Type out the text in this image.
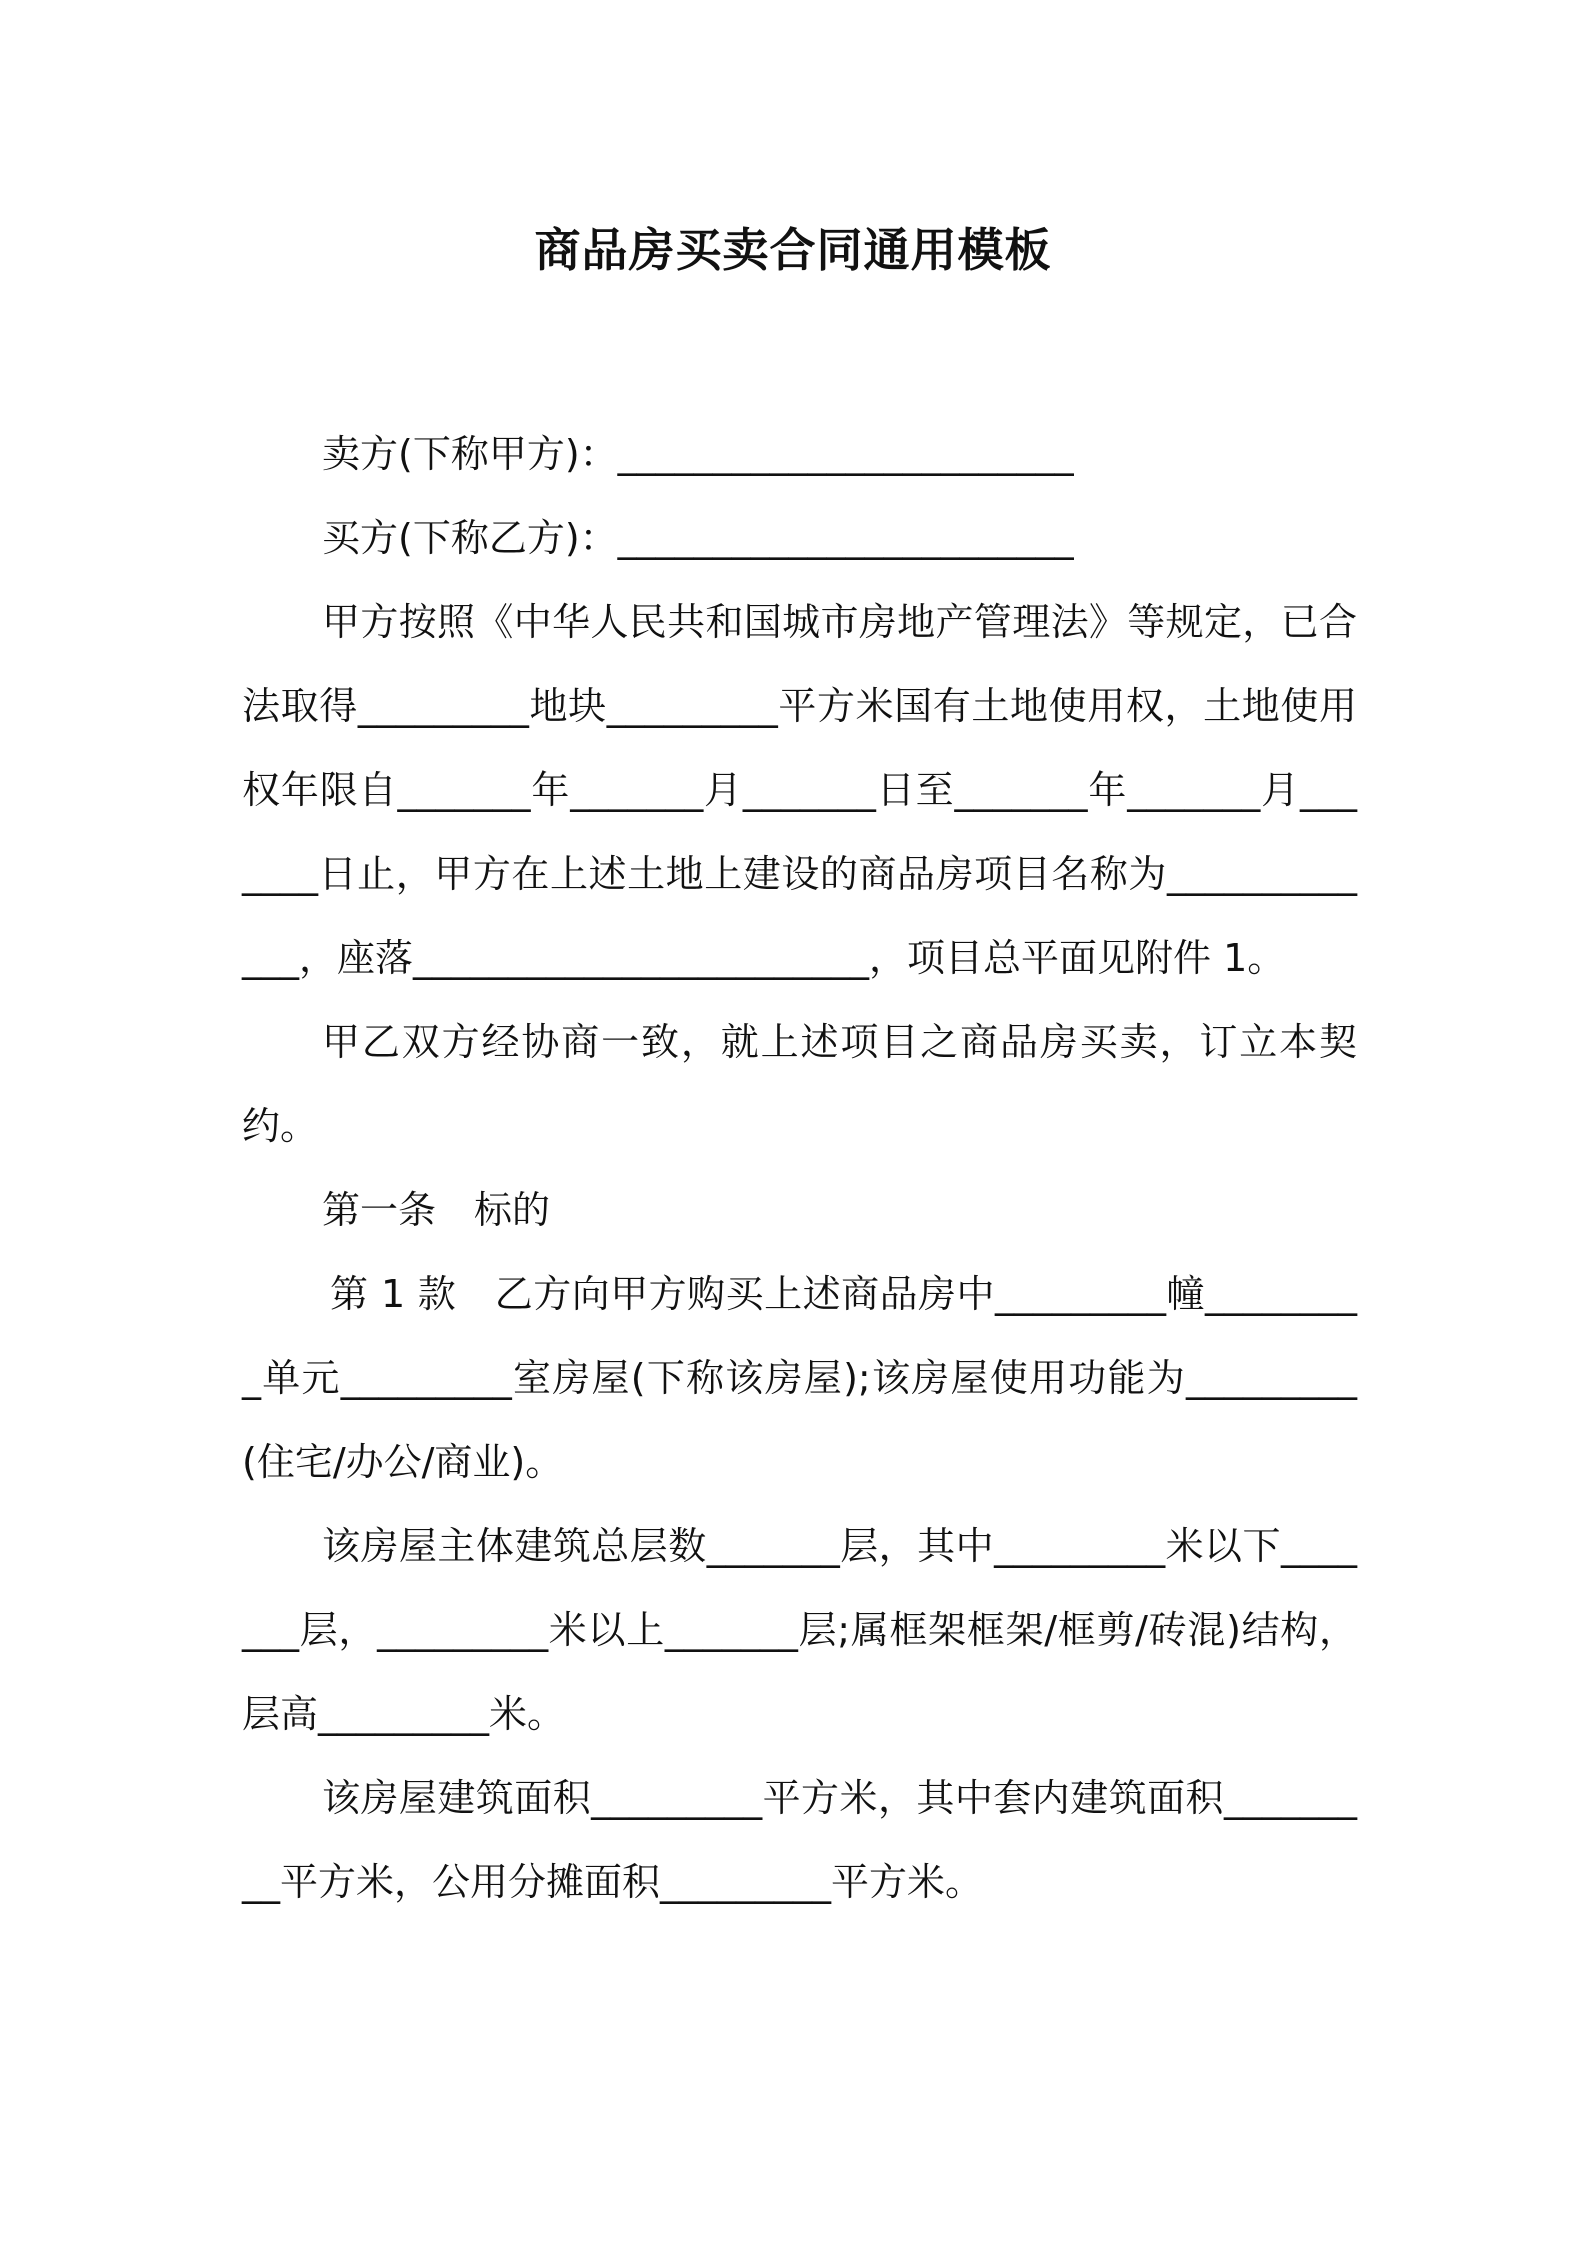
商品房买卖合同通用模板

卖方(下称甲方)：________________________

买方(下称乙方)：________________________

甲方按照《中华人民共和国城市房地产管理法》等规定，已合法取得_________地块_________平方米国有土地使用权，土地使用权年限自_______年_______月_______日至_______年_______月_______日止，甲方在上述土地上建设的商品房项目名称为_____________，座落________________________，项目总平面见附件 1。

甲乙双方经协商一致，就上述项目之商品房买卖，订立本契约。

第一条　标的

第 1 款　乙方向甲方购买上述商品房中_________幢_________单元_________室房屋(下称该房屋);该房屋使用功能为_________(住宅/办公/商业)。

该房屋主体建筑总层数_______层，其中_________米以下_______层，_________米以上_______层;属框架框架/框剪/砖混)结构，层高_________米。

该房屋建筑面积_________平方米，其中套内建筑面积_________平方米，公用分摊面积_________平方米。
